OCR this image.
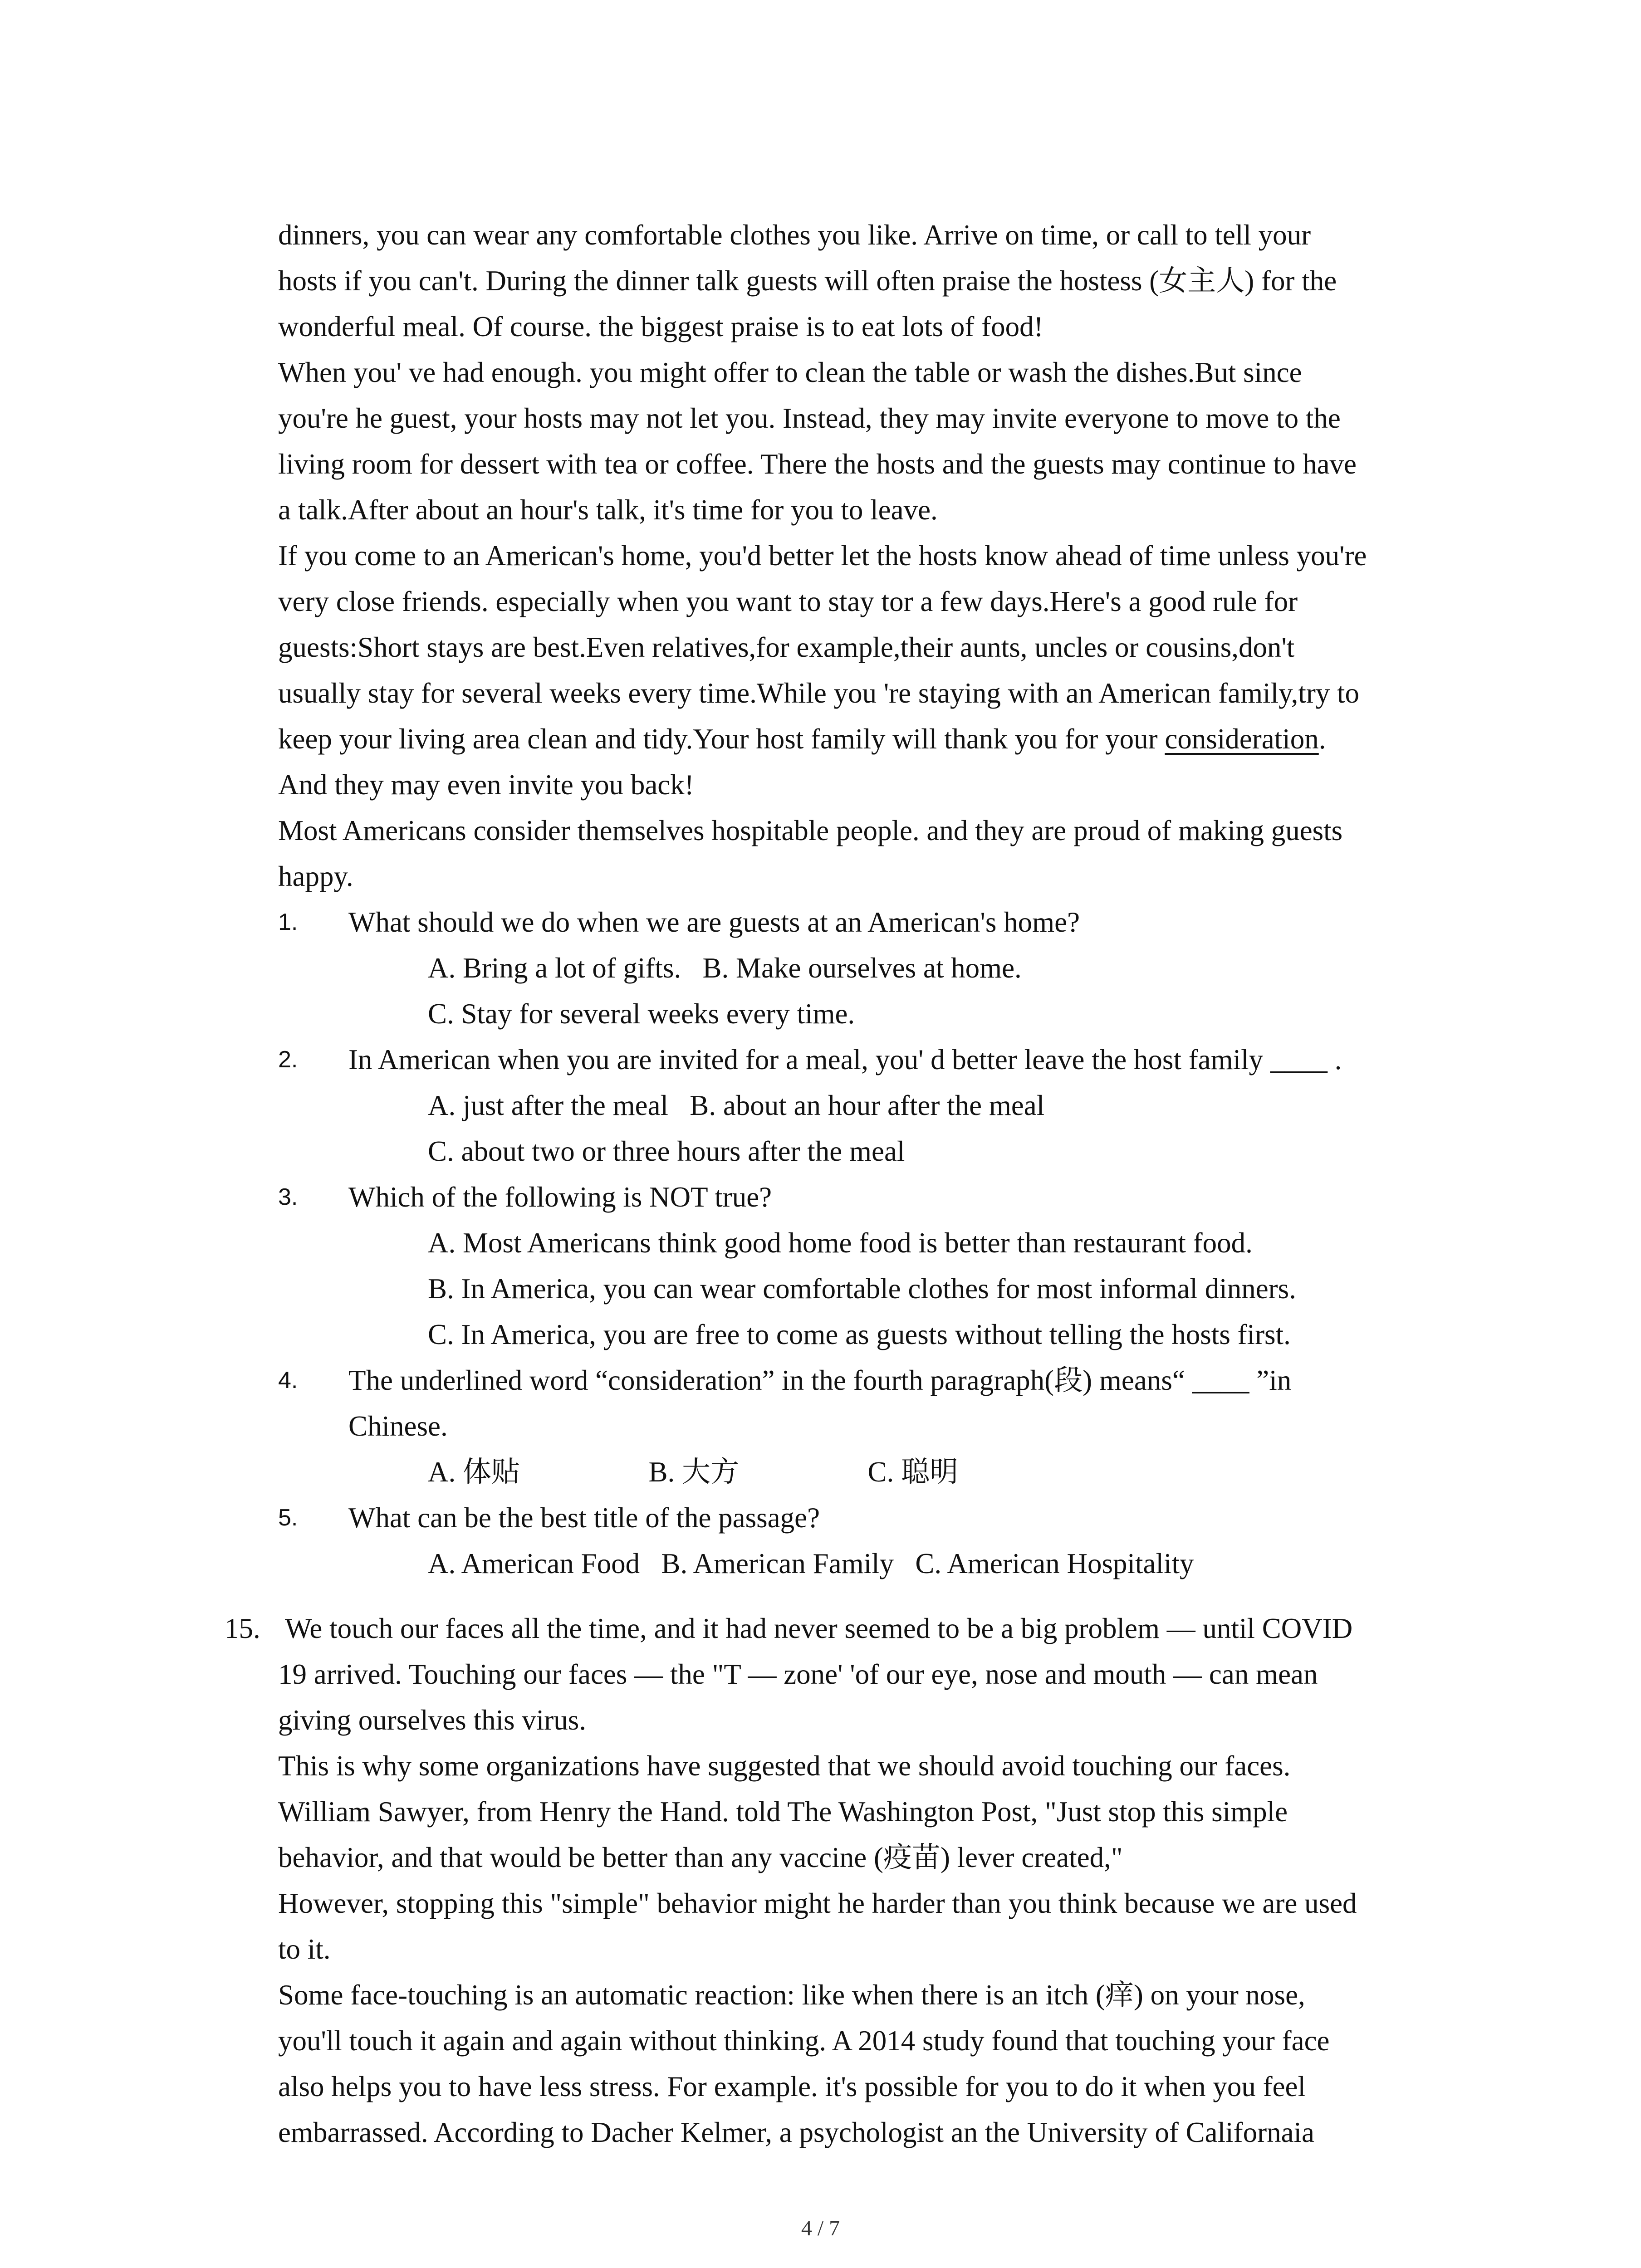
dinners, you can wear any comfortable clothes you like. Arrive on time, or call to tell your

hosts if you can't. During the dinner talk guests will often praise the hostess (女主人) for the

wonderful meal. Of course. the biggest praise is to eat lots of food!

When you' ve had enough. you might offer to clean the table or wash the dishes.But since

you're he guest, your hosts may not let you. Instead, they may invite everyone to move to the

living room for dessert with tea or coffee. There the hosts and the guests may continue to have

a talk.After about an hour's talk, it's time for you to leave.

If you come to an American's home, you'd better let the hosts know ahead of time unless you're

very close friends. especially when you want to stay tor a few days.Here's a good rule for

guests:Short stays are best.Even relatives,for example,their aunts, uncles or cousins,don't

usually stay for several weeks every time.While you 're staying with an American family,try to

keep your living area clean and tidy.Your host family will thank you for your consideration.

And they may even invite you back!

Most Americans consider themselves hospitable people. and they are proud of making guests

happy.

1. What should we do when we are guests at an American's home?

A. Bring a lot of gifts.   B. Make ourselves at home.

C. Stay for several weeks every time.

2. In American when you are invited for a meal, you' d better leave the host family ____ .

A. just after the meal   B. about an hour after the meal

C. about two or three hours after the meal

3. Which of the following is NOT true?

A. Most Americans think good home food is better than restaurant food.

B. In America, you can wear comfortable clothes for most informal dinners.

C. In America, you are free to come as guests without telling the hosts first.

4. The underlined word “consideration” in the fourth paragraph(段) means“ ____ ”in

Chinese.

A. 体贴                  B. 大方                  C. 聪明

5. What can be the best title of the passage?

A. American Food   B. American Family   C. American Hospitality

15. We touch our faces all the time, and it had never seemed to be a big problem — until COVID

19 arrived. Touching our faces — the "T — zone' 'of our eye, nose and mouth — can mean

giving ourselves this virus.

This is why some organizations have suggested that we should avoid touching our faces.

William Sawyer, from Henry the Hand. told The Washington Post, "Just stop this simple

behavior, and that would be better than any vaccine (疫苗) lever created,"

However, stopping this "simple" behavior might he harder than you think because we are used

to it.

Some face-touching is an automatic reaction: like when there is an itch (痒) on your nose,

you'll touch it again and again without thinking. A 2014 study found that touching your face

also helps you to have less stress. For example. it's possible for you to do it when you feel

embarrassed. According to Dacher Kelmer, a psychologist an the University of Californaia

4 / 7
